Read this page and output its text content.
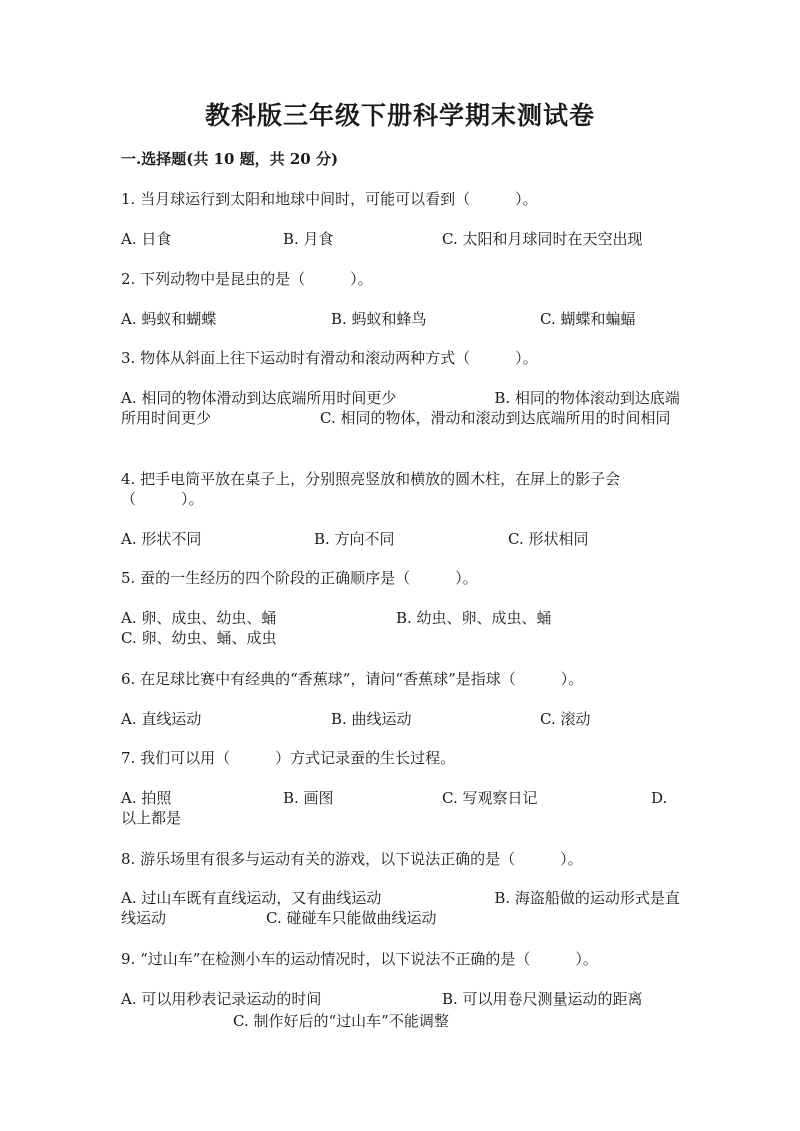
教科版三年级下册科学期末测试卷
一.选择题(共 10 题，共 20 分)
1. 当月球运行到太阳和地球中间时，可能可以看到（　　　）。
A. 日食	B. 月食	C. 太阳和月球同时在天空出现
2. 下列动物中是昆虫的是（　　　）。
A. 蚂蚁和蝴蝶	B. 蚂蚁和蜂鸟	C. 蝴蝶和蝙蝠
3. 物体从斜面上往下运动时有滑动和滚动两种方式（　　　）。
A. 相同的物体滑动到达底端所用时间更少	B. 相同的物体滚动到达底端所用时间更少	C. 相同的物体，滑动和滚动到达底端所用的时间相同
4. 把手电筒平放在桌子上，分别照亮竖放和横放的圆木柱，在屏上的影子会（　　　）。
A. 形状不同	B. 方向不同	C. 形状相同
5. 蚕的一生经历的四个阶段的正确顺序是（　　　）。
A. 卵、成虫、幼虫、蛹	B. 幼虫、卵、成虫、蛹
C. 卵、幼虫、蛹、成虫
6. 在足球比赛中有经典的“香蕉球”，请问“香蕉球”是指球（　　　）。
A. 直线运动	B. 曲线运动	C. 滚动
7. 我们可以用（　　　）方式记录蚕的生长过程。
A. 拍照	B. 画图	C. 写观察日记	D. 以上都是
8. 游乐场里有很多与运动有关的游戏，以下说法正确的是（　　　）。
A. 过山车既有直线运动，又有曲线运动	B. 海盗船做的运动形式是直线运动	C. 碰碰车只能做曲线运动
9. “过山车”在检测小车的运动情况时，以下说法不正确的是（　　　）。
A. 可以用秒表记录运动的时间	B. 可以用卷尺测量运动的距离
C. 制作好后的“过山车”不能调整
